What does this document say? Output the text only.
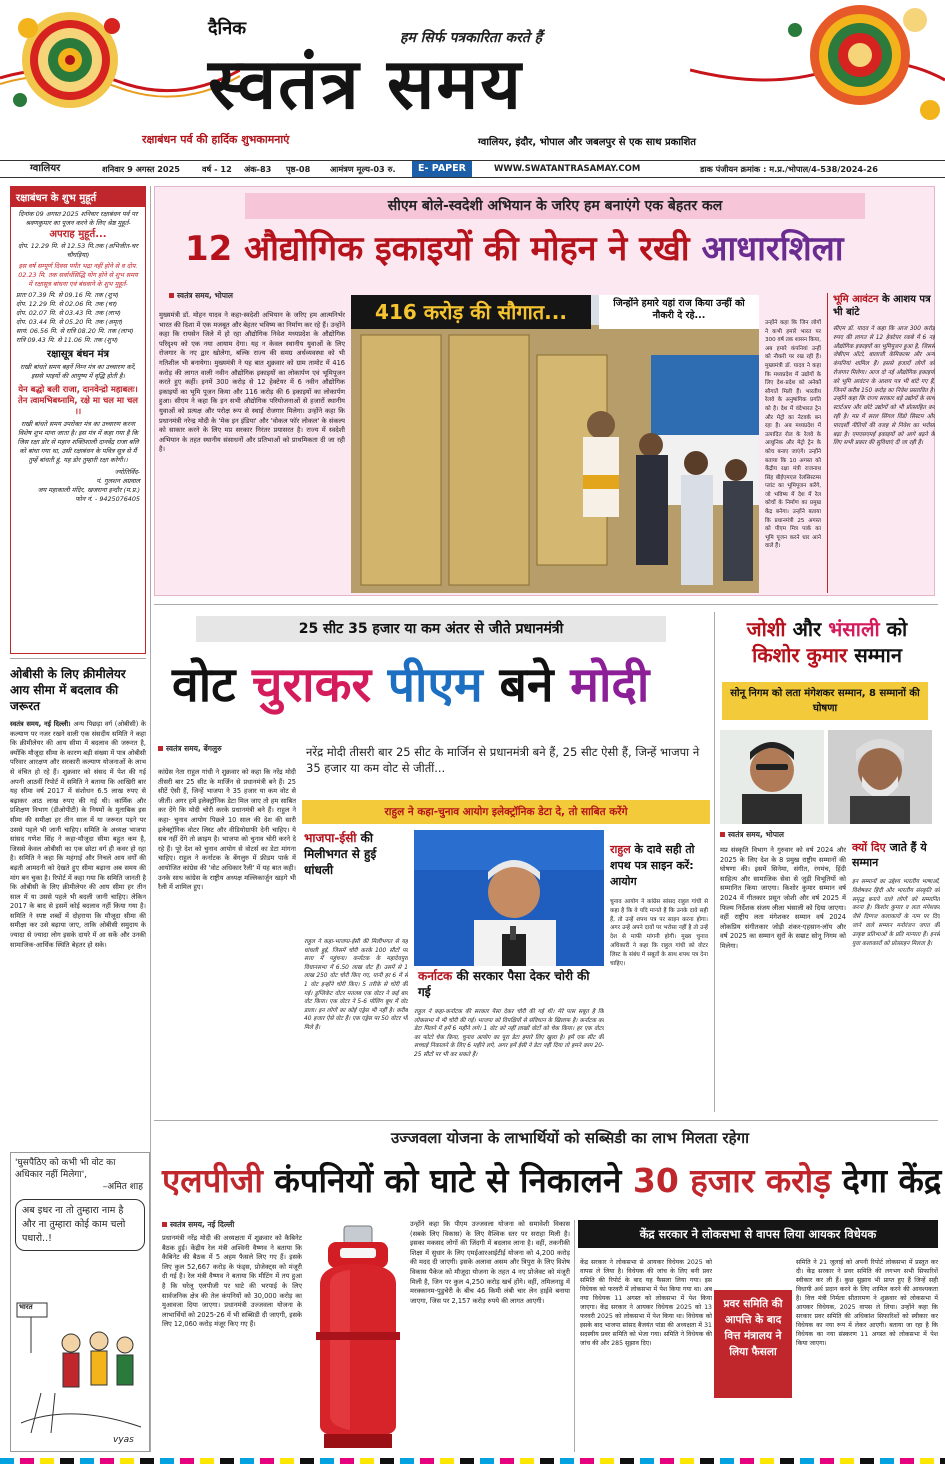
दैनिक	हम सिर्फ पत्रकारिता करते हैं
स्वतंत्र समय
रक्षाबंधन पर्व की हार्दिक शुभकामनाएं	ग्वालियर, इंदौर, भोपाल और जबलपुर से एक साथ प्रकाशित
ग्वालियर	शनिवार 9 अगस्त 2025	वर्ष - 12 अंक-83 पृष्ठ-08 आमंत्रण मूल्य-03 रु.	E- PAPER	WWW.SWATANTRASAMAY.COM	डाक पंजीयन क्रमांक : म.प्र./भोपाल/4-538/2024-26
रक्षाबंधन के शुभ मुहूर्त
दिनांक 09 अगस्त 2025 शनिवार रक्षाबंधन पर्व पर श्रवणकुमार का पूजन करने के लिए श्रेष्ठ मुहूर्त-
अपराह मुहूर्त...
दोप. 12.29 मि. से 12.53 मि.तक (अभिजीत-चर चौघड़िया)
इस वर्ष सम्पूर्ण दिवस पर्यंत भद्रा नहीं होने से व दोप. 02.23 मि. तक सर्वार्थसिद्धि योग होने से शुभ समय में रक्षासूत्र बांधना एवं बंधवाने के शुभ मुहूर्त-
प्रातः 07.39 मि. से 09.16 मि. तक (शुभ)
दोप. 12.29 मि. से 02.06 मि. तक (चर)
दोप. 02.07 मि. से 03.43 मि. तक (लाभ)
दोप. 03.44 मि. से 05.20 मि. तक (अमृत)
सायं: 06.56 मि. से रात्रि 08.20 मि. तक (लाभ)
रात्रि 09.43 मि. से 11.06 मि. तक (शुभ)
रक्षासूत्र बंधन मंत्र
राखी बांधते समय बहनें निम्न मंत्र का उच्चारण करें, इससे भाइयों की आयुष्य में वृद्धि होती है।
येन बद्धो बली राजा, दानवेन्द्रो महाबलः। तेन त्वामभिबध्नामि, रक्षे मा चल मा चल ।।
राखी बांधते समय उपरोक्त मंत्र का उच्चारण करना विशेष शुभ माना जाता है। इस मंत्र में कहा गया है कि जिस रक्षा डोर से महान शक्तिशाली दानवेंद्र राजा बलि को बांधा गया था, उसी रक्षाबंधन के पवित्र सूत्र से मैं तुम्हें बांधती हूं, यह डोर तुम्हारी रक्षा करेगी।।
ज्योतिर्विद-
पं. गुलशन अग्रवाल
जय महाकाली मंदिर, खजराना इन्दौर (म.प्र.)
फोन नं. - 9425076405
सीएम बोले-स्वदेशी अभियान के जरिए हम बनाएंगे एक बेहतर कल
12 औद्योगिक इकाइयों की मोहन ने रखी आधारशिला
स्वतंत्र समय, भोपाल
मुख्यमंत्री डॉ. मोहन यादव ने कहा-स्वदेशी अभियान के जरिए हम आत्मनिर्भर भारत की दिशा में एक मजबूत और बेहतर भविष्य का निर्माण कर रहे हैं। उन्होंने कहा कि रायसेन जिले में हो रहा औद्योगिक निवेश मध्यप्रदेश के औद्योगिक परिदृश्य को एक नया आयाम देगा। यह न केवल स्थानीय युवाओं के लिए रोजगार के नए द्वार खोलेगा, बल्कि राज्य की समग्र अर्थव्यवस्था को भी गतिशील भी बनायेगा। मुख्यमंत्री ने यह बात शुक्रवार को ग्राम तामोट में 416 करोड़ की लागत वाली नवीन औद्योगिक इकाइयों का लोकार्पण एवं भूमिपूजन करते हुए कहीं। इनमें 300 करोड़ से 12 हेक्टेयर में 6 नवीन औद्योगिक इकाइयों का भूमि पूजन किया और 116 करोड़ की 6 इकाइयों का लोकार्पण हुआ। सीएम ने कहा कि इन सभी औद्योगिक परियोजनाओं से हजारों स्थानीय युवाओं को प्रत्यक्ष और परोक्ष रूप से स्थाई रोजगार मिलेगा। उन्होंने कहा कि प्रधानमंत्री नरेन्द्र मोदी के 'मेक इन इंडिया' और 'वोकल फॉर लोकल' के संकल्प को साकार करने के लिए मप्र सरकार निरंतर प्रयासरत है। राज्य में स्वदेशी अभियान के तहत स्थानीय संसाधनों और प्रतिभाओं को प्राथमिकता दी जा रही है।
416 करोड़ की सौगात...	जिन्होंने हमारे यहां राज किया उन्हीं को नौकरी दे रहे...
उन्होंने कहा कि जिन लोगों ने कभी हमारे भारत पर 300 वर्ष तक शासन किया, अब हमारे कंपनियां उन्हीं को नौकरी पर रख रही हैं। मुख्यमंत्री डॉ. यादव ने कहा कि मध्यप्रदेश में उद्योगों के लिए देश-प्रदेश को अनेकों सौगातें मिली हैं। भारतीय रेलवे के अनुषांगिक प्रगति को है। देश में वंदेभारत ट्रेन और मेट्रो का नेटवर्क बन रहा है। अब मध्यप्रदेश में उत्पादित रोल के रेलवे के आधुनिक और मेट्रो ट्रेन के कोच बनाए जाएंगे। उन्होंने बताया कि 10 अगस्त को केंद्रीय रक्षा मंत्री राजनाथ सिंह बीईएमएल रेलसिस्टम्स प्लांट का भूमिपूजन करेंगे, जो भविष्य में देश में रेल कोचों के निर्माण का प्रमुख केंद्र बनेगा। उन्होंने बताया कि प्रधानमंत्री 25 अगस्त को पीएम मित्र पार्क का भूमि पूजन करने धार आने वाले हैं।
भूमि आवंटन के आशय पत्र भी बांटे
सीएम डॉ. यादव ने कहा कि आज 300 करोड़ रुपए की लागत से 12 हेक्टेयर रकबे में 6 नई औद्योगिक इकाइयों का भूमिपूजन हुआ है, जिससे जेबीएम ऑटो, बालाजी केमिकल्स और अन्य कंपनियां शामिल हैं। इससे हजारों लोगों को रोजगार मिलेगा। आज दो नई औद्योगिक इकाइयों को भूमि आवंटन के आशय पत्र भी बांटे गए हैं, जिनमें करीब 150 करोड़ का निवेश प्रस्तावित है। उन्होंने कहा कि राज्य सरकार बड़े उद्योगों के साथ स्टार्टअप और छोटे उद्योगों को भी प्रोत्साहित कर रही है। मप्र में सरल सिंगल विंडो सिस्टम और पारदर्शी नीतियों की वजह से निवेश का भरोसा बढ़ा है। एमएसएमई इकाइयों को आगे बढ़ने के लिए सभी प्रकार की सुविधाएं दी जा रही हैं।
ओबीसी के लिए क्रीमीलेयर आय सीमा में बदलाव की जरूरत
स्वतंत्र समय, नई दिल्ली। अन्य पिछड़ा वर्ग (ओबीसी) के कल्याण पर नजर रखने वाली एक संसदीय समिति ने कहा कि क्रीमीलेयर की आय सीमा में बदलाव की जरूरत है, क्योंकि मौजूदा सीमा के कारण बड़ी संख्या में पात्र ओबीसी परिवार आरक्षण और सरकारी कल्याण योजनाओं के लाभ से वंचित हो रहे हैं। शुक्रवार को संसद में पेश की गई अपनी आठवीं रिपोर्ट में समिति ने बताया कि आखिरी बार यह सीमा वर्ष 2017 में संशोधन 6.5 लाख रुपए से बढ़ाकर आठ लाख रुपए की गई थी। कार्मिक और प्रशिक्षण विभाग (डीओपीटी) के नियमों के मुताबिक इस सीमा की समीक्षा हर तीन साल में या जरूरत पड़ने पर उससे पहले भी जानी चाहिए। समिति के अध्यक्ष भाजपा सांसद गणेश सिंह ने कहा-मौजूदा सीमा बहुत कम है, जिससे केवल ओबीसी का एक छोटा वर्ग ही कवर हो रहा है। समिति ने कहा कि महंगाई और निचले आय वर्गों की बढ़ती आमदनी को देखते हुए सीमा बढ़ाना अब समय की मांग बन चुका है। रिपोर्ट में कहा गया कि समिति जानती है कि ओबीसी के लिए क्रीमीलेयर की आय सीमा हर तीन साल में या उससे पहले भी बदली जानी चाहिए। लेकिन 2017 के बाद से इसमें कोई बदलाव नहीं किया गया है। समिति ने स्पष्ट शब्दों में दोहराया कि मौजूदा सीमा की समीक्षा कर उसे बढ़ाया जाए, ताकि ओबीसी समुदाय के ज्यादा से ज्यादा लोग इसके दायरे में आ सकें और उनकी सामाजिक-आर्थिक स्थिति बेहतर हो सके।
25 सीट 35 हजार या कम अंतर से जीते प्रधानमंत्री
वोट चुराकर पीएम बने मोदी
स्वतंत्र समय, बेंगलुरु	नरेंद्र मोदी तीसरी बार 25 सीट के मार्जिन से प्रधानमंत्री बने हैं, 25 सीट ऐसी हैं, जिन्हें भाजपा ने 35 हजार या कम वोट से जीतीं...
कांग्रेस नेता राहुल गांधी ने शुक्रवार को कहा कि नरेंद्र मोदी तीसरी बार 25 सीट के मार्जिन से प्रधानमंत्री बने हैं। 25 सीटें ऐसी हैं, जिन्हें भाजपा ने 35 हजार या कम वोट से जीतीं। अगर हमें इलेक्ट्रॉनिक डेटा मिल जाए तो हम साबित कर देंगे कि मोदी चोरी करके प्रधानमंत्री बने हैं। राहुल ने कहा- चुनाव आयोग पिछले 10 साल की देश की सारी इलेक्ट्रॉनिक वोटर लिस्ट और वीडियोग्राफी देनी चाहिए। ये सब नहीं देंगे तो क्राइम है। भाजपा को चुनाव चोरी करने दे रहे हैं। पूरे देश को चुनाव आयोग से वोटर्स का डेटा मांगना चाहिए। राहुल ने कर्नाटक के बेंगलुरु में फ्रीडम पार्क में आयोजित कांग्रेस की 'वोट अधिकार रैली' में यह बात कही। उनके साथ कांग्रेस के राष्ट्रीय अध्यक्ष मल्लिकार्जुन खड़गे भी रैली में शामिल हुए।
राहुल ने कहा-चुनाव आयोग इलेक्ट्रॉनिक डेटा दे, तो साबित करेंगे
भाजपा-ईसी की मिलीभगत से हुई धांधली
राहुल ने कहा-भाजपा-ईसी की मिलीभगत से यह धांधली हुई, जिसमें चोरी करके 100 सीटों पर सत्ता में पहुंचना। कर्नाटक के महादेवपुरा विधानसभा में 6.50 लाख वोट हैं। उसमें से 1 लाख 250 वोट चोरी किए गए, यानी हर 6 में से 1 वोट इन्होंने चोरी किए। 5 तरीके से चोरी की गई। डुप्लिकेट वोटर मतलब एक वोटर ने कई बार वोट किया। एक वोटर ने 5-6 पोलिंग बूथ में वोट डाला। इन लोगों का कोई एड्रेस भी नहीं है। करीब 40 हजार ऐसे वोट हैं। एक एड्रेस पर 50 वोटर भी मिले हैं।
कर्नाटक की सरकार पैसा देकर चोरी की गई
राहुल ने कहा-कर्नाटक की सरकार पैसा देकर चोरी की गई थी। मेरे पास सबूत है कि लोकसभा में भी चोरी की गई। भाजपा को विपक्षियों से संविधान के खिलाफ है। कर्नाटक का डेटा मिलने में हमें 6 महीने लगे। 1 वोट को नहीं लाखों वोटों को चेक किया। हर एक वोटर का फोटो चेक किया, चुनाव आयोग का पूरा डेटा हमारे लिए खुला है। हमें एक सीट की सच्चाई निकालने के लिए 6 महीने लगे, अगर हमें ईसी ने डेटा नहीं दिया तो हमने काम 20-25 सीटों पर भी कर सकते हैं।
राहुल के दावे सही तो शपथ पत्र साइन करें: आयोग
चुनाव आयोग ने कांग्रेस सांसद राहुल गांधी से कहा है कि वे यदि मानते हैं कि उनके दावे सही हैं, तो उन्हें शपथ पत्र पर साइन करना होगा। अगर उन्हें अपने दावों पर भरोसा नहीं है तो उन्हें देश से माफी मांगनी होगी। मुख्य चुनाव अधिकारी ने कहा कि राहुल गांधी को वोटर लिस्ट के संबंध में सबूतों के साथ शपथ पत्र देना चाहिए।
जोशी और भंसाली को
किशोर कुमार सम्मान
सोनू निगम को लता मंगेशकर सम्मान, 8 सम्मानों की घोषणा
स्वतंत्र समय, भोपाल
मप्र संस्कृति विभाग ने गुरुवार को वर्ष 2024 और 2025 के लिए देश के 8 प्रमुख राष्ट्रीय सम्मानों की घोषणा की। इसमें सिनेमा, संगीत, रंगमंच, हिंदी साहित्य और सामाजिक सेवा से जुड़ी विभूतियों को सम्मानित किया जाएगा। किशोर कुमार सम्मान वर्ष 2024 में गीतकार प्रसून जोशी और वर्ष 2025 में फिल्म निर्देशक संजय लीला भंसाली को दिया जाएगा। वहीं राष्ट्रीय लता मंगेशकर सम्मान वर्ष 2024 लोकप्रिय संगीतकार जोड़ी शंकर-एहसान-लॉय और वर्ष 2025 का सम्मान सुरों के सम्राट सोनू निगम को मिलेगा।
क्यों दिए जाते हैं ये सम्मान
इन सम्मानों का उद्देश्य भारतीय भाषाओं, विशेषकर हिंदी और भारतीय संस्कृति को समृद्ध बनाने वाले लोगों को सम्मानित करना है। किशोर कुमार व लता मंगेशकर जैसे दिग्गज कलाकारों के नाम पर दिए जाने वाले सम्मान मनोरंजन जगत की उत्कृष्ट प्रतिभाओं के प्रति मान्यता हैं। इनसे युवा कलाकारों को प्रोत्साहन मिलता है।
'घुसपैठिए को कभी भी वोट का अधिकार नहीं मिलेगा',
–अमित शाह
अब इधर ना तो तुम्हारा नाम है और ना तुम्हारा कोई काम चलो पधारो..!
भारत
vyas
उज्जवला योजना के लाभार्थियों को सब्सिडी का लाभ मिलता रहेगा
एलपीजी कंपनियों को घाटे से निकालने 30 हजार करोड़ देगा केंद्र
स्वतंत्र समय, नई दिल्ली
प्रधानमंत्री नरेंद्र मोदी की अध्यक्षता में शुक्रवार को कैबिनेट बैठक हुई। केंद्रीय रेल मंत्री अश्विनी वैष्णव ने बताया कि कैबिनेट की बैठक में 5 अहम फैसले लिए गए हैं। इसके लिए कुल 52,667 करोड़ के फंड्स, प्रोजेक्ट्स को मंजूरी दी गई है। रेल मंत्री वैष्णव ने बताया कि मीटिंग में तय हुआ है कि घरेलू एलपीजी पर घाटे की भरपाई के लिए सार्वजनिक क्षेत्र की तेल कंपनियों को 30,000 करोड़ का मुआवजा दिया जाएगा। प्रधानमंत्री उज्जवला योजना के लाभार्थियों को 2025-26 में भी सब्सिडी दी जाएगी, इसके लिए 12,060 करोड़ मंजूर किए गए हैं।
उन्होंने कहा कि पीएम उज्जवला योजना को समावेशी विकास (सबके लिए विकास) के लिए वैश्विक स्तर पर सराहा मिली है। इसका मकसद लोगों की जिंदगी में बदलाव लाना है। वहीं, तकनीकी शिक्षा में सुधार के लिए एमईआरआईटीई योजना को 4,200 करोड़ की मदद दी जाएगी। इसके अलावा असम और त्रिपुरा के लिए विशेष विकास पैकेज को मौजूदा योजना के तहत 4 नए प्रोजेक्ट को मंजूरी मिली है, जिन पर कुल 4,250 करोड़ खर्च होंगे। वहीं, तमिलनाडु में मरक्कानम-पुडुचेरी के बीच 46 किमी लंबी चार लेन हाईवे बनाया जाएगा, जिस पर 2,157 करोड़ रुपये की लागत आएगी।
केंद्र सरकार ने लोकसभा से वापस लिया आयकर विधेयक
केंद्र सरकार ने लोकसभा से आयकर विधेयक 2025 को वापस ले लिया है। विधेयक की जांच के लिए बनी प्रवर समिति की रिपोर्ट के बाद यह फैसला लिया गया। इस विधेयक को फरवरी में लोकसभा में पेश किया गया था। अब नया विधेयक 11 अगस्त को लोकसभा में पेश किया जाएगा। केंद्र सरकार ने आयकर विधेयक 2025 को 13 फरवरी 2025 को लोकसभा में पेश किया था। विधेयक को इसके बाद भाजपा सांसद बैजयंत पांडा की अध्यक्षता में 31 सदस्यीय प्रवर समिति को भेजा गया। समिति ने विधेयक की जांच की और 285 सुझाव दिए।
प्रवर समिति की आपत्ति के बाद वित्त मंत्रालय ने लिया फैसला
समिति ने 21 जुलाई को अपनी रिपोर्ट लोकसभा में प्रस्तुत कर दी। केंद्र सरकार ने प्रवर समिति की लगभग सभी सिफारिशें स्वीकार कर ली हैं। कुछ सुझाव भी प्राप्त हुए हैं जिन्हें सही विधायी अर्थ प्रदान करने के लिए शामिल करने की आवश्यकता है। वित्त मंत्री निर्मला सीतारमण ने शुक्रवार को लोकसभा में आयकर विधेयक, 2025 वापस ले लिया। उन्होंने कहा कि सरकार प्रवर समिति की अधिकांश सिफारिशों को स्वीकार कर विधेयक का नया रूप में लेकर आएगी। बताया जा रहा है कि विधेयक का नया संस्करण 11 अगस्त को लोकसभा में पेश किया जाएगा।
